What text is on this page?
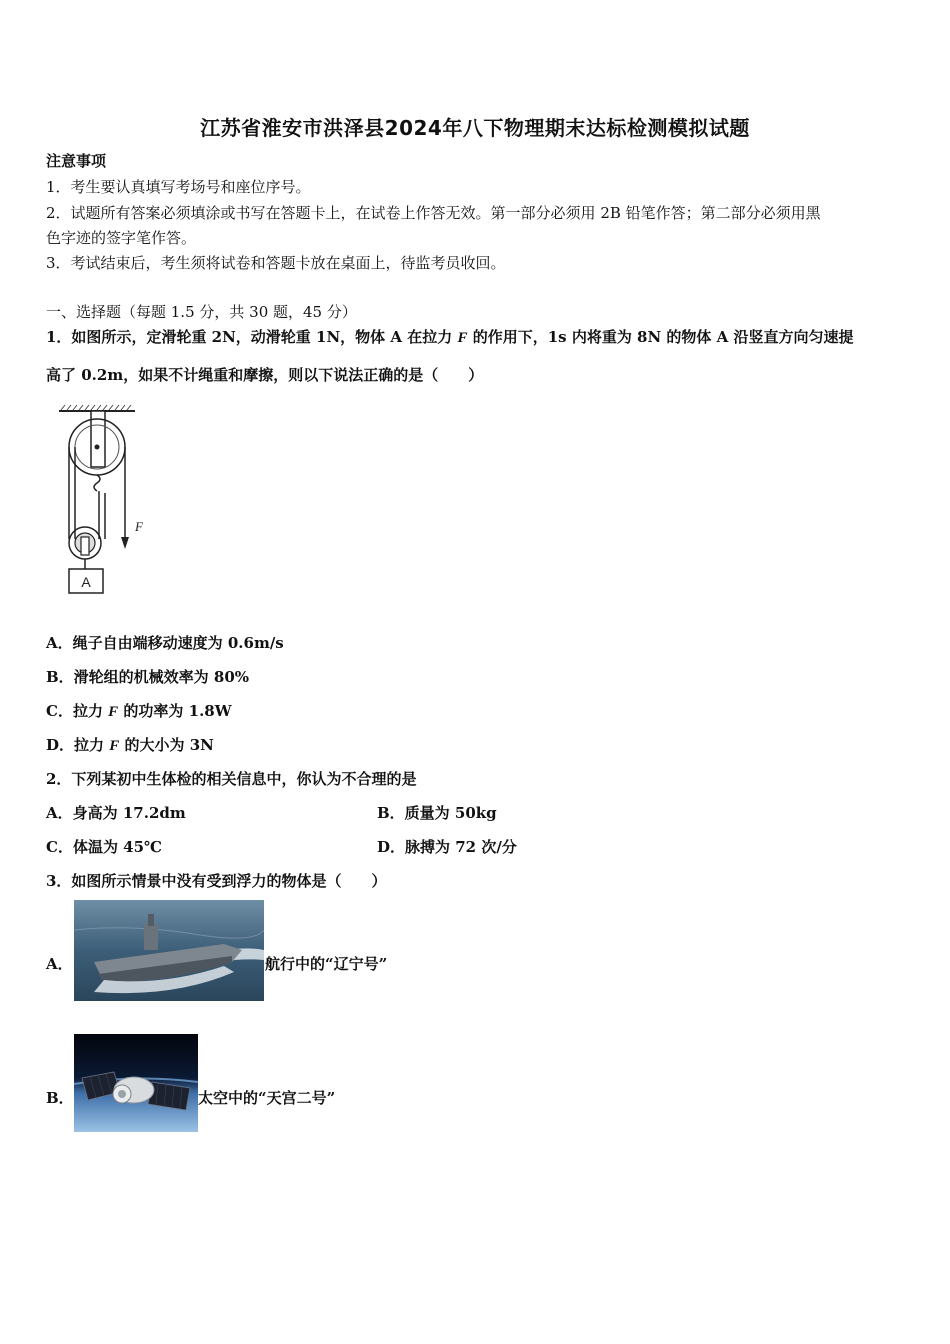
江苏省淮安市洪泽县2024年八下物理期末达标检测模拟试题
注意事项
1．考生要认真填写考场号和座位序号。
2．试题所有答案必须填涂或书写在答题卡上，在试卷上作答无效。第一部分必须用 2B 铅笔作答；第二部分必须用黑
色字迹的签字笔作答。
3．考试结束后，考生须将试卷和答题卡放在桌面上，待监考员收回。
一、选择题（每题 1.5 分，共 30 题，45 分）
1．如图所示，定滑轮重 2N，动滑轮重 1N，物体 A 在拉力 F 的作用下，1s 内将重为 8N 的物体 A 沿竖直方向匀速提
高了 0.2m，如果不计绳重和摩擦，则以下说法正确的是（　　）
F
A
A．绳子自由端移动速度为 0.6m/s
B．滑轮组的机械效率为 80%
C．拉力 F 的功率为 1.8W
D．拉力 F 的大小为 3N
2．下列某初中生体检的相关信息中，你认为不合理的是
A．身高为 17.2dm	B．质量为 50kg
C．体温为 45℃	D．脉搏为 72 次/分
3．如图所示情景中没有受到浮力的物体是（　　）
A．	航行中的“辽宁号”
B．	太空中的“天宫二号”
